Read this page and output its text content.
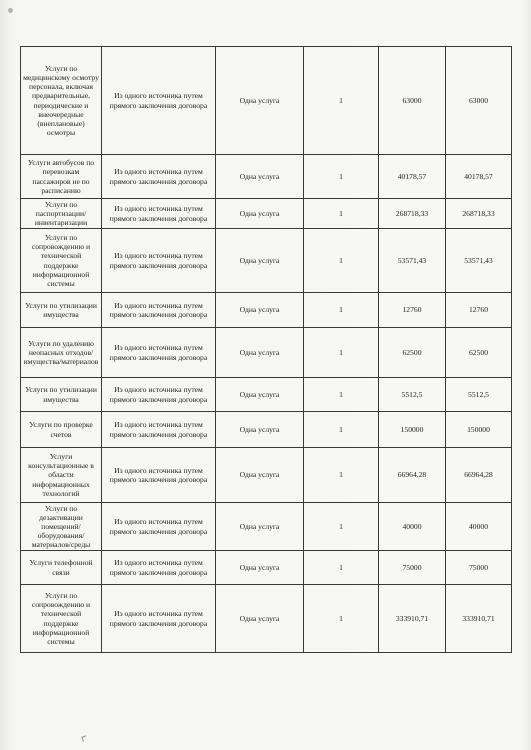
Услуги по медицинскому осмотру персонала, включая предварительные, периодические и внеочередные (внеплановые) осмотры	Из одного источника путем прямого заключения договора	Одна услуга	1	63000	63000
Услуги автобусов по перевозкам пассажиров не по расписанию	Из одного источника путем прямого заключения договора	Одна услуга	1	40178,57	40178,57
Услуги по паспортизации/инвентаризации	Из одного источника путем прямого заключения договора	Одна услуга	1	268718,33	268718,33
Услуги по сопровождению и технической поддержке информационной системы	Из одного источника путем прямого заключения договора	Одна услуга	1	53571,43	53571,43
Услуги по утилизации имущества	Из одного источника путем прямого заключения договора	Одна услуга	1	12760	12760
Услуги по удалению неопасных отходов/имущества/материалов	Из одного источника путем прямого заключения договора	Одна услуга	1	62500	62500
Услуги по утилизации имущества	Из одного источника путем прямого заключения договора	Одна услуга	1	5512,5	5512,5
Услуги по проверке счетов	Из одного источника путем прямого заключения договора	Одна услуга	1	150000	150000
Услуги консультационные в области информационных технологий	Из одного источника путем прямого заключения договора	Одна услуга	1	66964,28	66964,28
Услуги по дезактивации помещений/оборудования/материалов/среды	Из одного источника путем прямого заключения договора	Одна услуга	1	40000	40000
Услуги телефонной связи	Из одного источника путем прямого заключения договора	Одна услуга	1	75000	75000
Услуги по сопровождению и технической поддержке информационной системы	Из одного источника путем прямого заключения договора	Одна услуга	1	333910,71	333910,71
